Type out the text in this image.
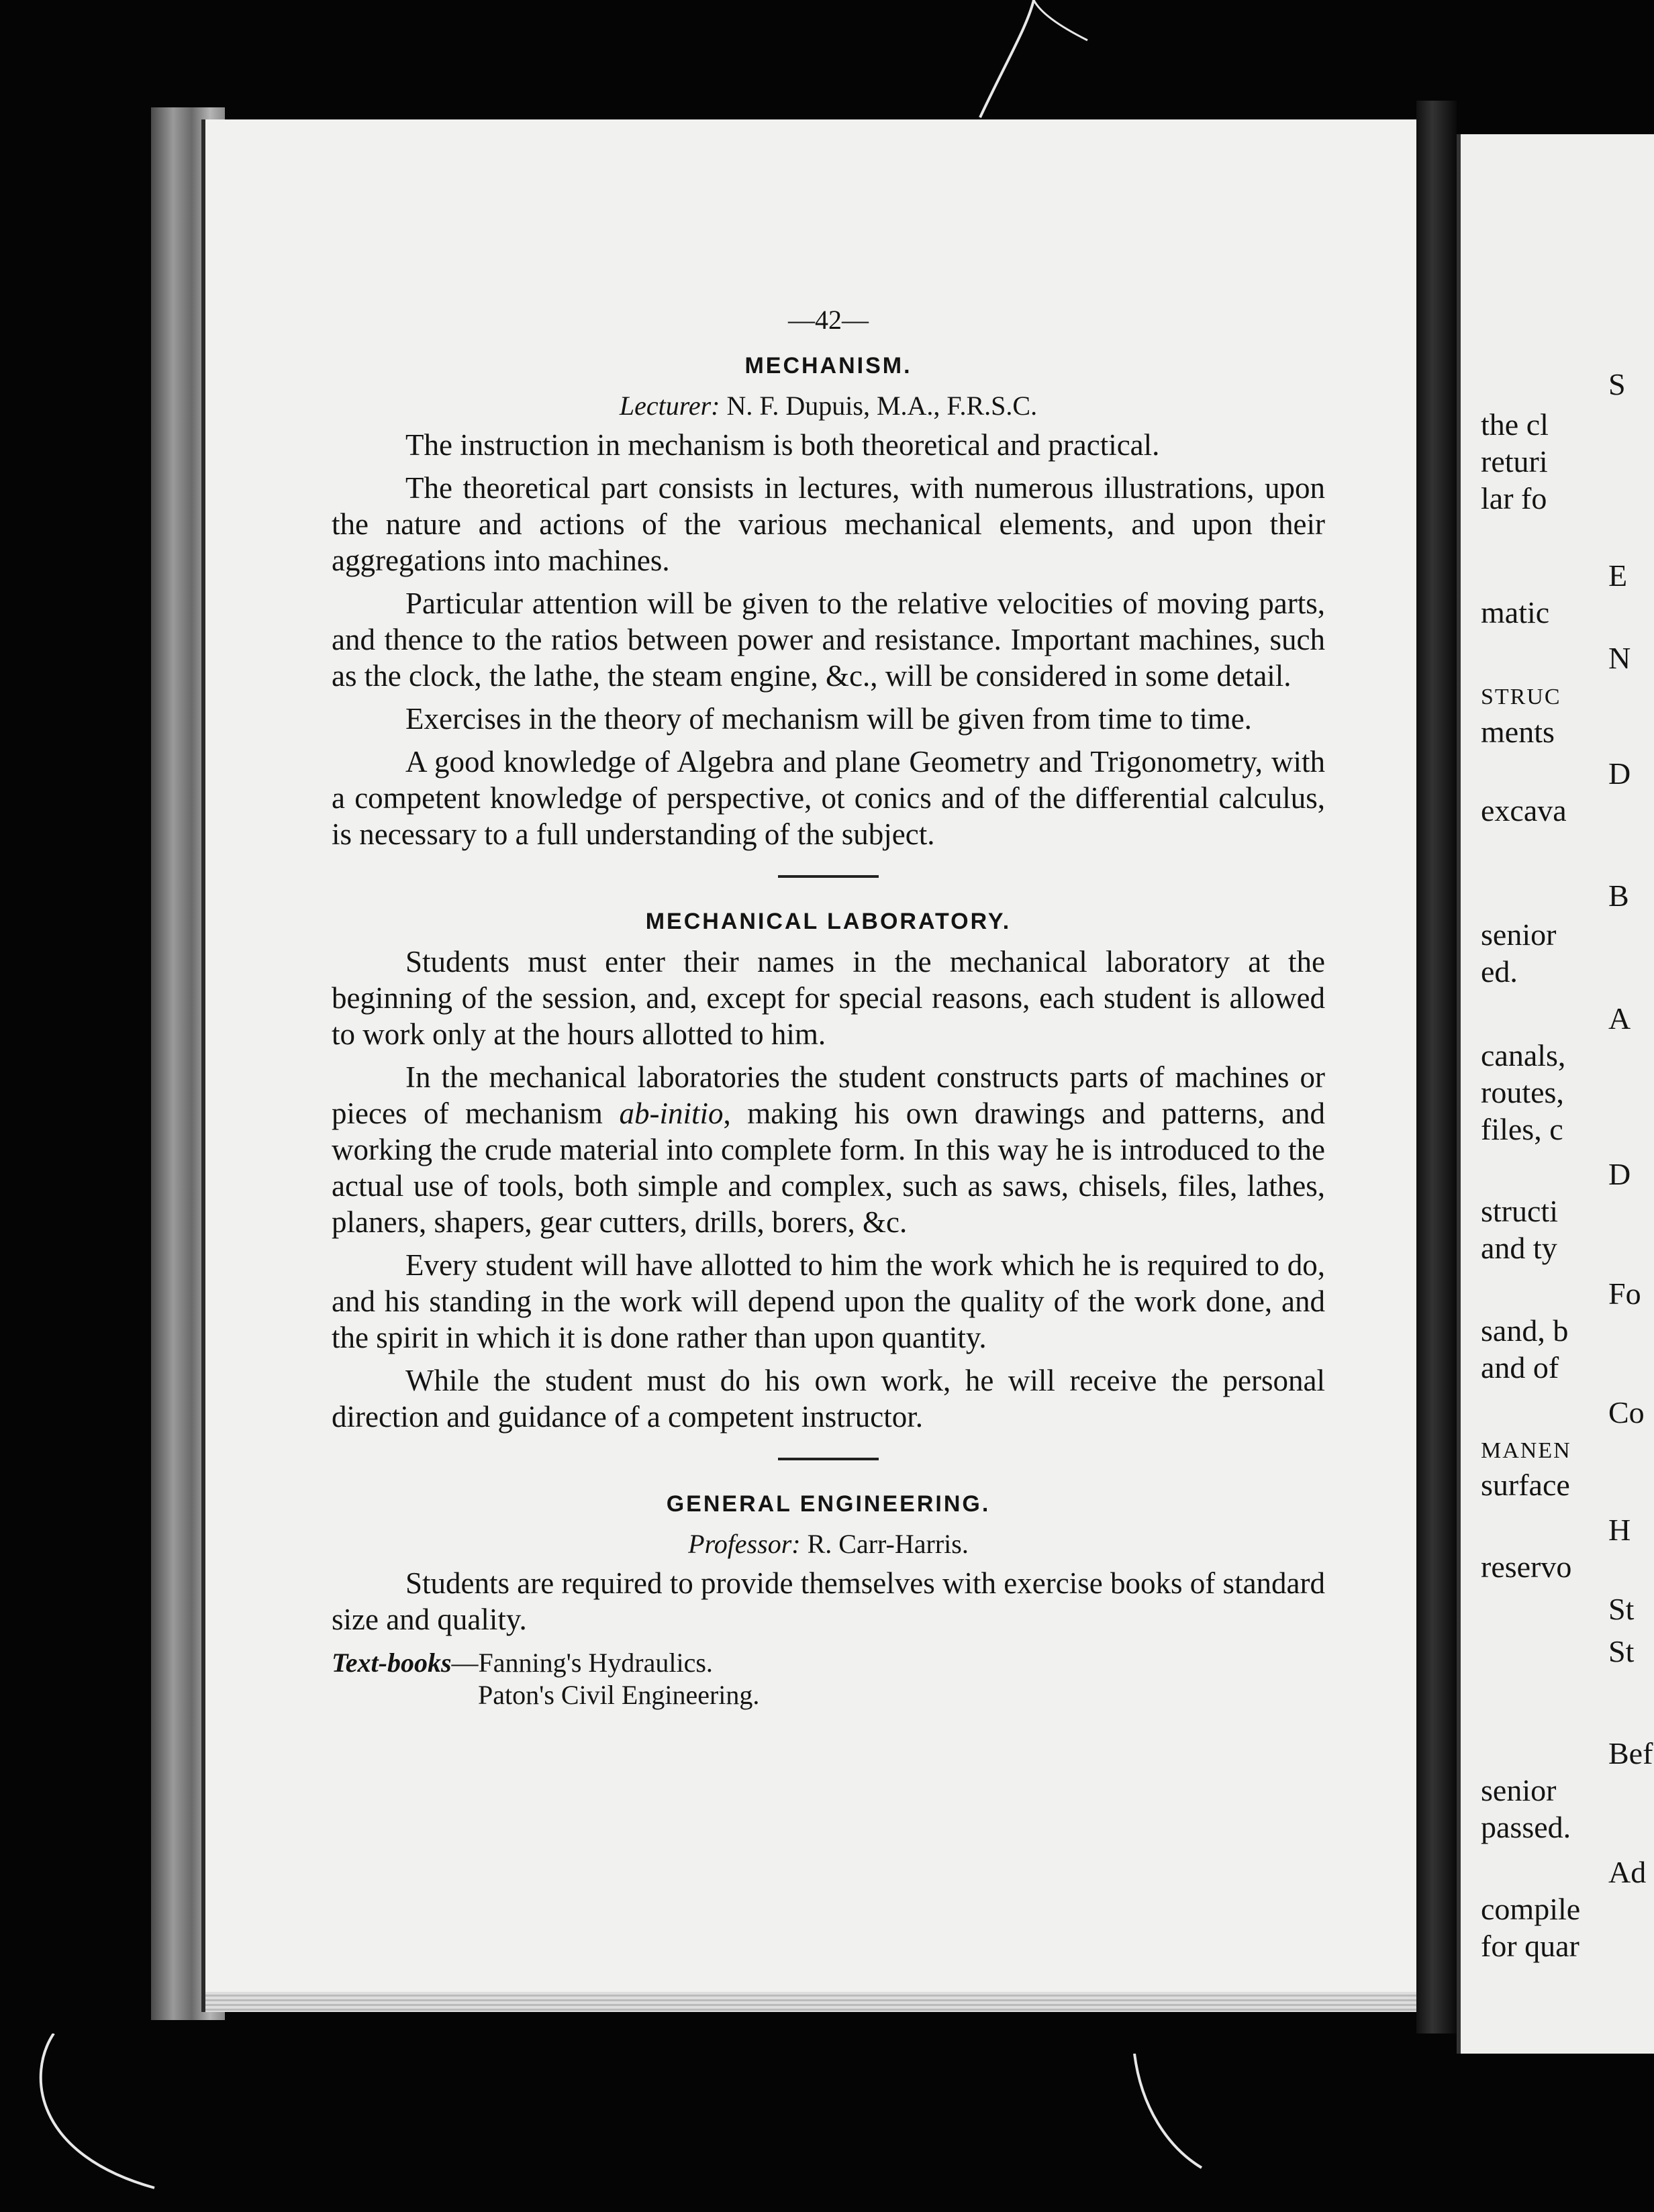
—42—
MECHANISM.
Lecturer: N. F. Dupuis, M.A., F.R.S.C.

The instruction in mechanism is both theoretical and practical.

The theoretical part consists in lectures, with numerous illustrations, upon the nature and actions of the various mechanical elements, and upon their aggregations into machines.

Particular attention will be given to the relative velocities of moving parts, and thence to the ratios between power and resistance. Important machines, such as the clock, the lathe, the steam engine, &c., will be considered in some detail.

Exercises in the theory of mechanism will be given from time to time.

A good knowledge of Algebra and plane Geometry and Trigonometry, with a competent knowledge of perspective, ot conics and of the differential calculus, is necessary to a full understanding of the subject.

MECHANICAL LABORATORY.

Students must enter their names in the mechanical laboratory at the beginning of the session, and, except for special reasons, each student is allowed to work only at the hours allotted to him.

In the mechanical laboratories the student constructs parts of machines or pieces of mechanism ab-initio, making his own drawings and patterns, and working the crude material into complete form. In this way he is introduced to the actual use of tools, both simple and complex, such as saws, chisels, files, lathes, planers, shapers, gear cutters, drills, borers, &c.

Every student will have allotted to him the work which he is required to do, and his standing in the work will depend upon the quality of the work done, and the spirit in which it is done rather than upon quantity.

While the student must do his own work, he will receive the personal direction and guidance of a competent instructor.

GENERAL ENGINEERING.
Professor: R. Carr-Harris.

Students are required to provide themselves with exercise books of standard size and quality.

Text-books—Fanning's Hydraulics.
Paton's Civil Engineering.
S
the cl
returi
lar fo
E
matic
N
STRUC
ments
D
excava
B
senior
ed.
A
canals,
routes,
files, c
D
structi
and ty
Fo
sand, b
and of
Co
MANEN
surface
H
reservo
St
St
Bef
senior
passed.
Ad
compile
for quar
